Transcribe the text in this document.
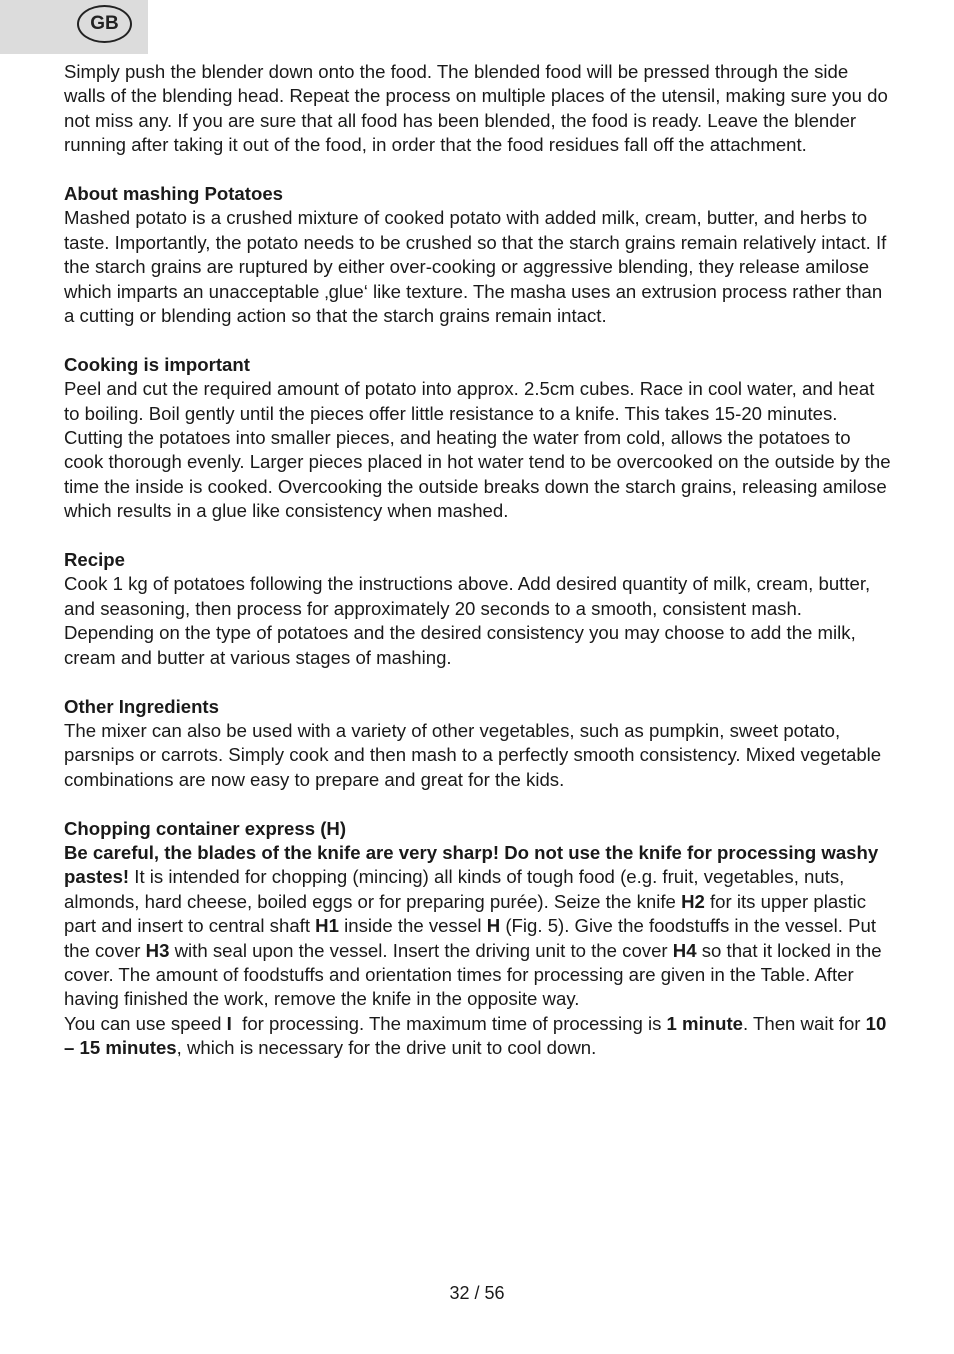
GB

Simply push the blender down onto the food. The blended food will be pressed through the side walls of the blending head. Repeat the process on multiple places of the utensil, making sure you do not miss any. If you are sure that all food has been blended, the food is ready. Leave the blender running after taking it out of the food, in order that the food residues fall off the attachment.

About mashing Potatoes

Mashed potato is a crushed mixture of cooked potato with added milk, cream, butter, and herbs to taste. Importantly, the potato needs to be crushed so that the starch grains remain relatively intact. If the starch grains are ruptured by either over-cooking or aggressive blending, they release amilose which imparts an unacceptable ‚glue‘ like texture. The masha uses an extrusion process rather than a cutting or blending action so that the starch grains remain intact.

Cooking is important

Peel and cut the required amount of potato into approx. 2.5cm cubes. Race in cool water, and heat to boiling. Boil gently until the pieces offer little resistance to a knife. This takes 15-20 minutes. Cutting the potatoes into smaller pieces, and heating the water from cold, allows the potatoes to cook thorough evenly. Larger pieces placed in hot water tend to be overcooked on the outside by the time the inside is cooked. Overcooking the outside breaks down the starch grains, releasing amilose which results in a glue like consistency when mashed.

Recipe

Cook 1 kg of potatoes following the instructions above. Add desired quantity of milk, cream, butter, and seasoning, then process for approximately 20 seconds to a smooth, consistent mash. Depending on the type of potatoes and the desired consistency you may choose to add the milk, cream and butter at various stages of mashing.

Other Ingredients

The mixer can also be used with a variety of other vegetables, such as pumpkin, sweet potato, parsnips or carrots. Simply cook and then mash to a perfectly smooth consistency. Mixed vegetable combinations are now easy to prepare and great for the kids.

Chopping container express (H)

Be careful, the blades of the knife are very sharp! Do not use the knife for processing washy pastes! It is intended for chopping (mincing) all kinds of tough food (e.g. fruit, vegetables, nuts, almonds, hard cheese, boiled eggs or for preparing purée). Seize the knife H2 for its upper plastic part and insert to central shaft H1 inside the vessel H (Fig. 5). Give the foodstuffs in the vessel. Put the cover H3 with seal upon the vessel. Insert the driving unit to the cover H4 so that it locked in the cover. The amount of foodstuffs and orientation times for processing are given in the Table. After having finished the work, remove the knife in the opposite way.

You can use speed I  for processing. The maximum time of processing is 1 minute. Then wait for 10 – 15 minutes, which is necessary for the drive unit to cool down.

32 / 56
